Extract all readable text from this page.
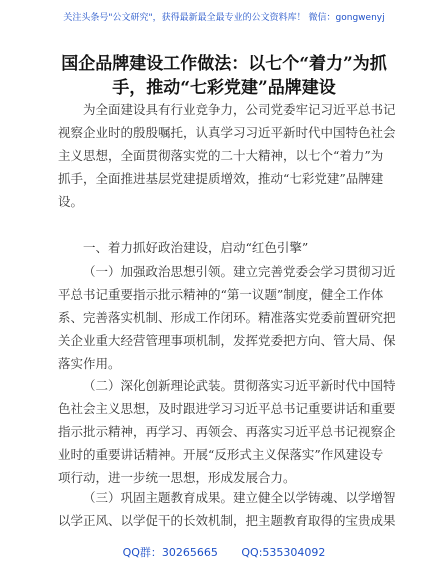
关注头条号"公文研究"，获得最新最全最专业的公文资料库！ 微信：gongwenyj
国企品牌建设工作做法：以七个“着力”为抓
手，推动“七彩党建”品牌建设
为全面建设具有行业竞争力，公司党委牢记习近平总书记
视察企业时的殷殷嘱托，认真学习习近平新时代中国特色社会
主义思想，全面贯彻落实党的二十大精神，以七个“着力”为
抓手，全面推进基层党建提质增效，推动“七彩党建”品牌建
设。
一、着力抓好政治建设，启动“红色引擎”
（一）加强政治思想引领。建立完善党委会学习贯彻习近
平总书记重要指示批示精神的“第一议题”制度，健全工作体
系、完善落实机制、形成工作闭环。精准落实党委前置研究把
关企业重大经营管理事项机制，发挥党委把方向、管大局、保
落实作用。
（二）深化创新理论武装。贯彻落实习近平新时代中国特
色社会主义思想，及时跟进学习习近平总书记重要讲话和重要
指示批示精神，再学习、再领会、再落实习近平总书记视察企
业时的重要讲话精神。开展“反形式主义保落实”作风建设专
项行动，进一步统一思想，形成发展合力。
（三）巩固主题教育成果。建立健全以学铸魂、以学增智
以学正风、以学促干的长效机制，把主题教育取得的宝贵成果
QQ群：30265665 QQ:535304092
